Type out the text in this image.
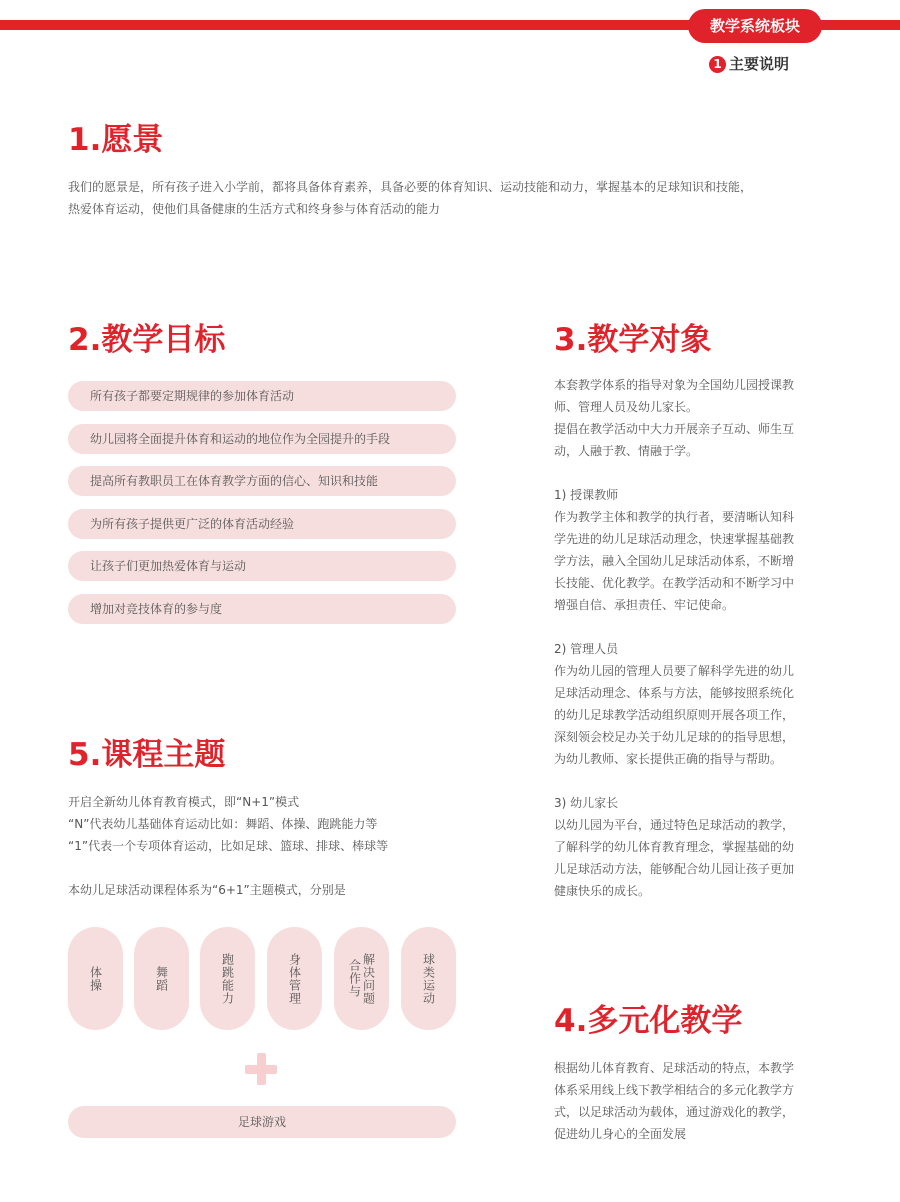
教学系统板块
1 主要说明
1.愿景
我们的愿景是，所有孩子进入小学前，都将具备体育素养，具备必要的体育知识、运动技能和动力，掌握基本的足球知识和技能，
热爱体育运动，使他们具备健康的生活方式和终身参与体育活动的能力
2.教学目标
所有孩子都要定期规律的参加体育活动
幼儿园将全面提升体育和运动的地位作为全园提升的手段
提高所有教职员工在体育教学方面的信心、知识和技能
为所有孩子提供更广泛的体育活动经验
让孩子们更加热爱体育与运动
增加对竞技体育的参与度
3.教学对象
本套教学体系的指导对象为全国幼儿园授课教
师、管理人员及幼儿家长。
提倡在教学活动中大力开展亲子互动、师生互
动，人融于教、情融于学。
1) 授课教师
作为教学主体和教学的执行者，要清晰认知科
学先进的幼儿足球活动理念，快速掌握基础教
学方法，融入全国幼儿足球活动体系，不断增
长技能、优化教学。在教学活动和不断学习中
增强自信、承担责任、牢记使命。
2) 管理人员
作为幼儿园的管理人员要了解科学先进的幼儿
足球活动理念、体系与方法，能够按照系统化
的幼儿足球教学活动组织原则开展各项工作，
深刻领会校足办关于幼儿足球的的指导思想，
为幼儿教师、家长提供正确的指导与帮助。
3) 幼儿家长
以幼儿园为平台，通过特色足球活动的教学，
了解科学的幼儿体育教育理念，掌握基础的幼
儿足球活动方法，能够配合幼儿园让孩子更加
健康快乐的成长。
4.多元化教学
根据幼儿体育教育、足球活动的特点，本教学
体系采用线上线下教学相结合的多元化教学方
式，以足球活动为载体，通过游戏化的教学，
促进幼儿身心的全面发展
5.课程主题
开启全新幼儿体育教育模式，即“N+1”模式
“N”代表幼儿基础体育运动比如：舞蹈、体操、跑跳能力等
“1”代表一个专项体育运动，比如足球、篮球、排球、棒球等
本幼儿足球活动课程体系为“6+1”主题模式，分别是
体操	舞蹈	跑跳能力	身体管理	合作与 解决问题	球类运动
足球游戏
